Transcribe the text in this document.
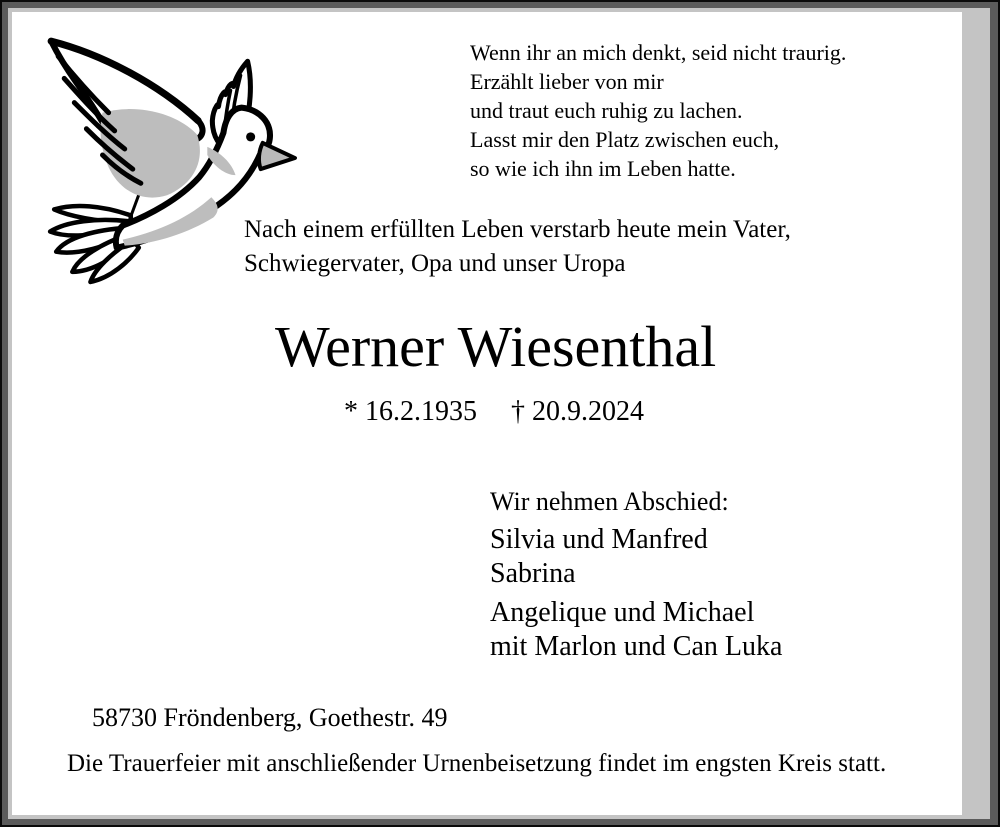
Wenn ihr an mich denkt, seid nicht traurig.
Erzählt lieber von mir
und traut euch ruhig zu lachen.
Lasst mir den Platz zwischen euch,
so wie ich ihn im Leben hatte.
Nach einem erfüllten Leben verstarb heute mein Vater,
Schwiegervater, Opa und unser Uropa
Werner Wiesenthal
* 16.2.1935 † 20.9.2024
Wir nehmen Abschied:
Silvia und Manfred
Sabrina
Angelique und Michael
mit Marlon und Can Luka
58730 Fröndenberg, Goethestr. 49
Die Trauerfeier mit anschließender Urnenbeisetzung findet im engsten Kreis statt.
